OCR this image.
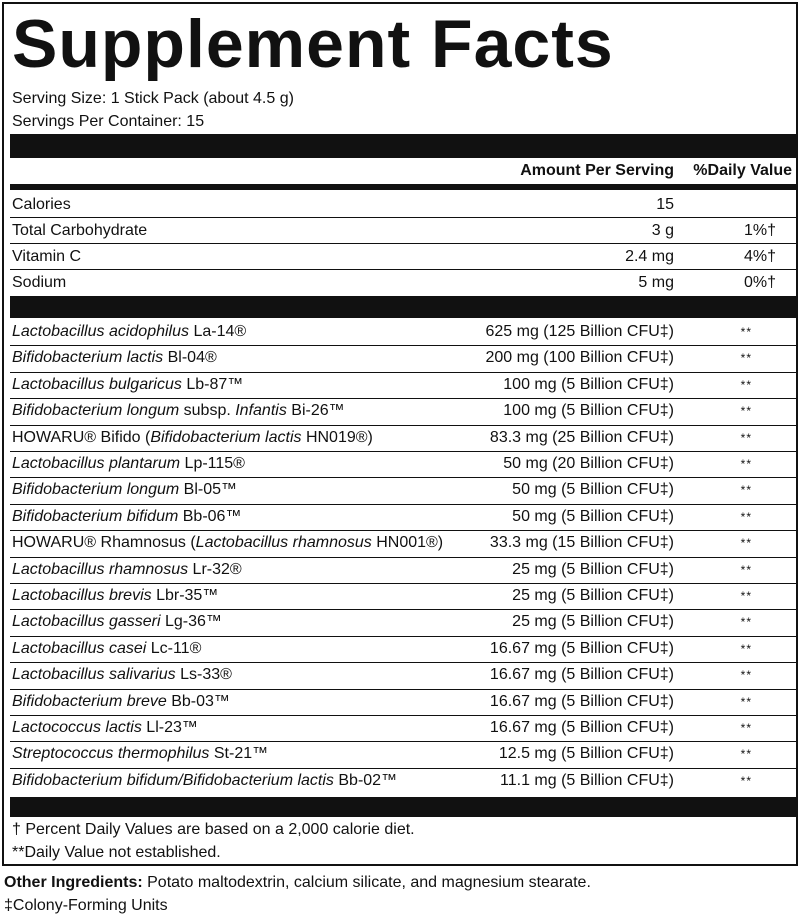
Supplement Facts
Serving Size: 1 Stick Pack (about 4.5 g)
Servings Per Container: 15
Amount Per Serving %Daily Value
Calories	15
Total Carbohydrate	3 g	1%†
Vitamin C	2.4 mg	4%†
Sodium	5 mg	0%†
Lactobacillus acidophilus La-14®	625 mg (125 Billion CFU‡)	**
Bifidobacterium lactis Bl-04®	200 mg (100 Billion CFU‡)	**
Lactobacillus bulgaricus Lb-87™	100 mg (5 Billion CFU‡)	**
Bifidobacterium longum subsp. Infantis Bi-26™	100 mg (5 Billion CFU‡)	**
HOWARU® Bifido (Bifidobacterium lactis HN019®)	83.3 mg (25 Billion CFU‡)	**
Lactobacillus plantarum Lp-115®	50 mg (20 Billion CFU‡)	**
Bifidobacterium longum Bl-05™	50 mg (5 Billion CFU‡)	**
Bifidobacterium bifidum Bb-06™	50 mg (5 Billion CFU‡)	**
HOWARU® Rhamnosus (Lactobacillus rhamnosus HN001®)	33.3 mg (15 Billion CFU‡)	**
Lactobacillus rhamnosus Lr-32®	25 mg (5 Billion CFU‡)	**
Lactobacillus brevis Lbr-35™	25 mg (5 Billion CFU‡)	**
Lactobacillus gasseri Lg-36™	25 mg (5 Billion CFU‡)	**
Lactobacillus casei Lc-11®	16.67 mg (5 Billion CFU‡)	**
Lactobacillus salivarius Ls-33®	16.67 mg (5 Billion CFU‡)	**
Bifidobacterium breve Bb-03™	16.67 mg (5 Billion CFU‡)	**
Lactococcus lactis Ll-23™	16.67 mg (5 Billion CFU‡)	**
Streptococcus thermophilus St-21™	12.5 mg (5 Billion CFU‡)	**
Bifidobacterium bifidum/Bifidobacterium lactis Bb-02™	11.1 mg (5 Billion CFU‡)	**
† Percent Daily Values are based on a 2,000 calorie diet.
**Daily Value not established.
Other Ingredients: Potato maltodextrin, calcium silicate, and magnesium stearate.
‡Colony-Forming Units
